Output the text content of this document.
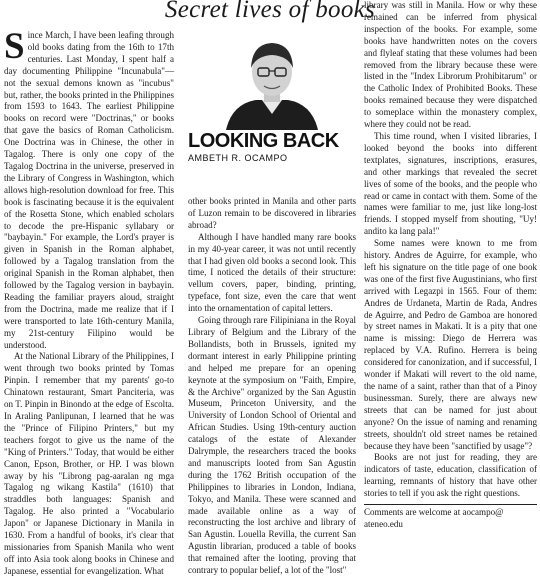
Secret lives of books

Since March, I have been leafing through old books dating from the 16th to 17th centuries. Last Monday, I spent half a day documenting Philippine "Incunabula"—not the sexual demons known as "incubus" but, rather, the books printed in the Philippines from 1593 to 1643. The earliest Philippine books on record were "Doctrinas," or books that gave the basics of Roman Catholicism. One Doctrina was in Chinese, the other in Tagalog. There is only one copy of the Tagalog Doctrina in the universe, preserved in the Library of Congress in Washington, which allows high-resolution download for free. This book is fascinating because it is the equivalent of the Rosetta Stone, which enabled scholars to decode the pre-Hispanic syllabary or "baybayin." For example, the Lord's prayer is given in Spanish in the Roman alphabet, followed by a Tagalog translation from the original Spanish in the Roman alphabet, then followed by the Tagalog version in baybayin. Reading the familiar prayers aloud, straight from the Doctrina, made me realize that if I were transported to late 16th-century Manila, my 21st-century Filipino would be understood.

At the National Library of the Philippines, I went through two books printed by Tomas Pinpin. I remember that my parents' go-to Chinatown restaurant, Smart Panciteria, was on T. Pinpin in Binondo at the edge of Escolta. In Araling Panlipunan, I learned that he was the "Prince of Filipino Printers," but my teachers forgot to give us the name of the "King of Printers." Today, that would be either Canon, Epson, Brother, or HP. I was blown away by his "Librong pag-aaralan ng mga Tagalog ng wikang Kastila" (1610) that straddles both languages: Spanish and Tagalog. He also printed a "Vocabulario Japon" or Japanese Dictionary in Manila in 1630. From a handful of books, it's clear that missionaries from Spanish Manila who went off into Asia took along books in Chinese and Japanese, essential for evangelization. What

LOOKING BACK
AMBETH R. OCAMPO

other books printed in Manila and other parts of Luzon remain to be discovered in libraries abroad?

Although I have handled many rare books in my 40-year career, it was not until recently that I had given old books a second look. This time, I noticed the details of their structure: vellum covers, paper, binding, printing, typeface, font size, even the care that went into the ornamentation of capital letters.

Going through rare Filipiniana in the Royal Library of Belgium and the Library of the Bollandists, both in Brussels, ignited my dormant interest in early Philippine printing and helped me prepare for an opening keynote at the symposium on "Faith, Empire, & the Archive" organized by the San Agustin Museum, Princeton University, and the University of London School of Oriental and African Studies. Using 19th-century auction catalogs of the estate of Alexander Dalrymple, the researchers traced the books and manuscripts looted from San Agustin during the 1762 British occupation of the Philippines to libraries in London, Indiana, Tokyo, and Manila. These were scanned and made available online as a way of reconstructing the lost archive and library of San Agustin. Louella Revilla, the current San Agustin librarian, produced a table of books that remained after the looting, proving that contrary to popular belief, a lot of the "lost"

library was still in Manila. How or why these remained can be inferred from physical inspection of the books. For example, some books have handwritten notes on the covers and flyleaf stating that these volumes had been removed from the library because these were listed in the "Index Librorum Prohibitarum" or the Catholic Index of Prohibited Books. These books remained because they were dispatched to someplace within the monastery complex, where they could not be read.

This time round, when I visited libraries, I looked beyond the books into different textplates, signatures, inscriptions, erasures, and other markings that revealed the secret lives of some of the books, and the people who read or came in contact with them. Some of the names were familiar to me, just like long-lost friends. I stopped myself from shouting, "Uy! andito ka lang pala!"

Some names were known to me from history. Andres de Aguirre, for example, who left his signature on the title page of one book was one of the first five Augustinians, who first arrived with Legazpi in 1565. Four of them: Andres de Urdaneta, Martin de Rada, Andres de Aguirre, and Pedro de Gamboa are honored by street names in Makati. It is a pity that one name is missing: Diego de Herrera was replaced by V.A. Rufino. Herrera is being considered for canonization, and if successful, I wonder if Makati will revert to the old name, the name of a saint, rather than that of a Pinoy businessman. Surely, there are always new streets that can be named for just about anyone? On the issue of naming and renaming streets, shouldn't old street names be retained because they have been "sanctified by usage"?

Books are not just for reading, they are indicators of taste, education, classification of learning, remnants of history that have other stories to tell if you ask the right questions.

Comments are welcome at aocampo@
ateneo.edu
